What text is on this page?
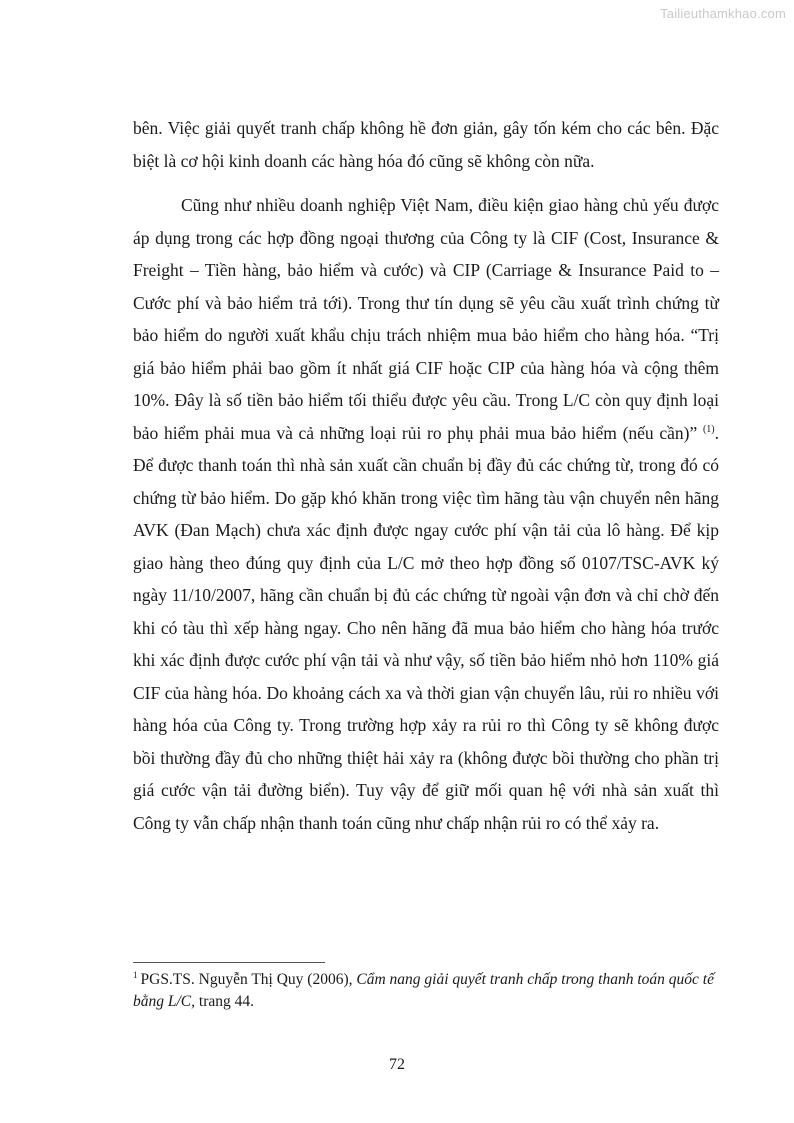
Tailieuthamkhao.com

bên. Việc giải quyết tranh chấp không hề đơn giản, gây tốn kém cho các bên. Đặc biệt là cơ hội kinh doanh các hàng hóa đó cũng sẽ không còn nữa.

Cũng như nhiều doanh nghiệp Việt Nam, điều kiện giao hàng chủ yếu được áp dụng trong các hợp đồng ngoại thương của Công ty là CIF (Cost, Insurance & Freight – Tiền hàng, bảo hiểm và cước) và CIP (Carriage & Insurance Paid to – Cước phí và bảo hiểm trả tới). Trong thư tín dụng sẽ yêu cầu xuất trình chứng từ bảo hiểm do người xuất khẩu chịu trách nhiệm mua bảo hiểm cho hàng hóa. “Trị giá bảo hiểm phải bao gồm ít nhất giá CIF hoặc CIP của hàng hóa và cộng thêm 10%. Đây là số tiền bảo hiểm tối thiểu được yêu cầu. Trong L/C còn quy định loại bảo hiểm phải mua và cả những loại rủi ro phụ phải mua bảo hiểm (nếu cần)” $^{(1)}$. Để được thanh toán thì nhà sản xuất cần chuẩn bị đầy đủ các chứng từ, trong đó có chứng từ bảo hiểm. Do gặp khó khăn trong việc tìm hãng tàu vận chuyển nên hãng AVK (Đan Mạch) chưa xác định được ngay cước phí vận tải của lô hàng. Để kịp giao hàng theo đúng quy định của L/C mở theo hợp đồng số 0107/TSC-AVK ký ngày 11/10/2007, hãng cần chuẩn bị đủ các chứng từ ngoài vận đơn và chỉ chờ đến khi có tàu thì xếp hàng ngay. Cho nên hãng đã mua bảo hiểm cho hàng hóa trước khi xác định được cước phí vận tải và như vậy, số tiền bảo hiểm nhỏ hơn 110% giá CIF của hàng hóa. Do khoảng cách xa và thời gian vận chuyển lâu, rủi ro nhiều với hàng hóa của Công ty. Trong trường hợp xảy ra rủi ro thì Công ty sẽ không được bồi thường đầy đủ cho những thiệt hải xảy ra (không được bồi thường cho phần trị giá cước vận tải đường biển). Tuy vậy để giữ mối quan hệ với nhà sản xuất thì Công ty vẫn chấp nhận thanh toán cũng như chấp nhận rủi ro có thể xảy ra.

$^1$ PGS.TS. Nguyễn Thị Quy (2006), Cẩm nang giải quyết tranh chấp trong thanh toán quốc tế bằng L/C, trang 44.

72
